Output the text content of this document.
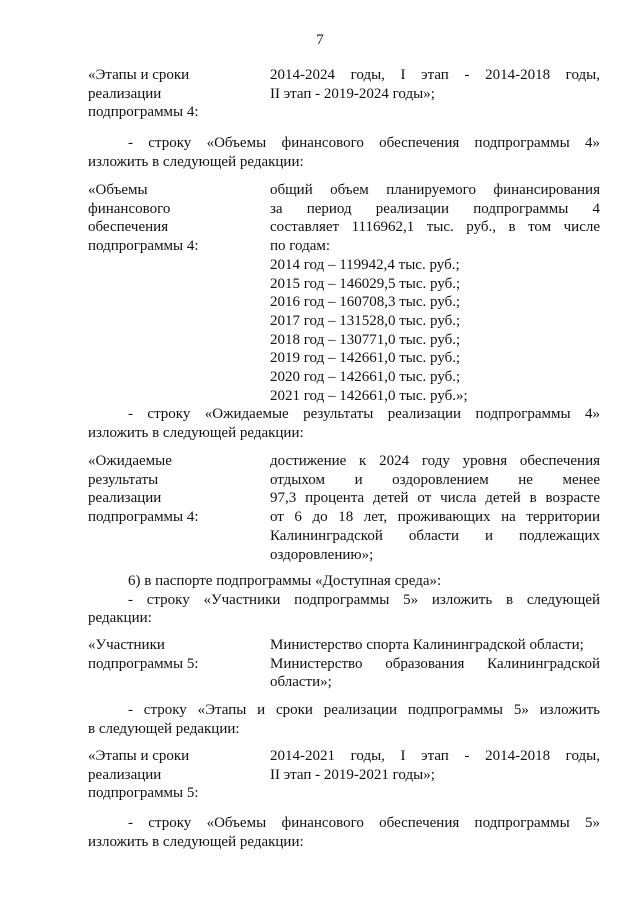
7
«Этапы и сроки
реализации
подпрограммы 4:
2014-2024 годы, I этап - 2014-2018 годы,
II этап - 2019-2024 годы»;
- строку «Объемы финансового обеспечения подпрограммы 4»
изложить в следующей редакции:
«Объемы
финансового
обеспечения
подпрограммы 4:
общий объем планируемого финансирования
за период реализации подпрограммы 4
составляет 1116962,1 тыс. руб., в том числе
по годам:
2014 год – 119942,4 тыс. руб.;
2015 год – 146029,5 тыс. руб.;
2016 год – 160708,3 тыс. руб.;
2017 год – 131528,0 тыс. руб.;
2018 год – 130771,0 тыс. руб.;
2019 год – 142661,0 тыс. руб.;
2020 год – 142661,0 тыс. руб.;
2021 год – 142661,0 тыс. руб.»;
- строку «Ожидаемые результаты реализации подпрограммы 4»
изложить в следующей редакции:
«Ожидаемые
результаты
реализации
подпрограммы 4:
достижение к 2024 году уровня обеспечения
отдыхом и оздоровлением не менее
97,3 процента детей от числа детей в возрасте
от 6 до 18 лет, проживающих на территории
Калининградской области и подлежащих
оздоровлению»;
6) в паспорте подпрограммы «Доступная среда»:
- строку «Участники подпрограммы 5» изложить в следующей
редакции:
«Участники
подпрограммы 5:
Министерство спорта Калининградской области;
Министерство образования Калининградской
области»;
- строку «Этапы и сроки реализации подпрограммы 5» изложить
в следующей редакции:
«Этапы и сроки
реализации
подпрограммы 5:
2014-2021 годы, I этап - 2014-2018 годы,
II этап - 2019-2021 годы»;
- строку «Объемы финансового обеспечения подпрограммы 5»
изложить в следующей редакции:
